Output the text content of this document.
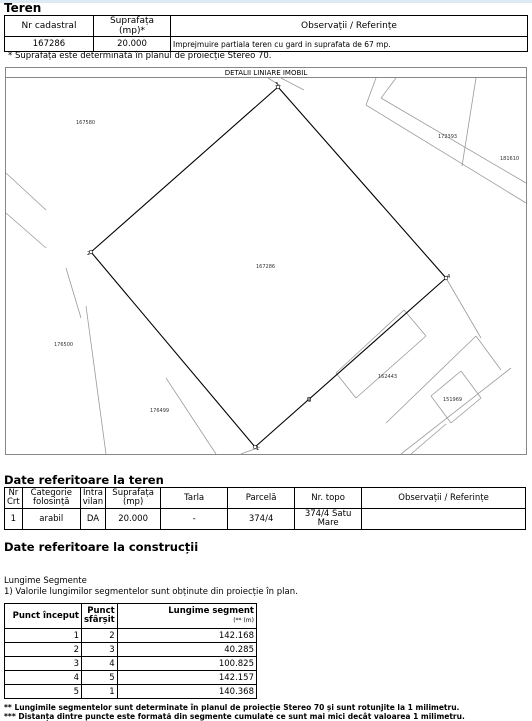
Teren
Nr cadastral	Suprafața (mp)*	Observații / Referințe
167286	20.000	Imprejmuire partiala teren cu gard in suprafata de 67 mp.
* Suprafața este determinată în planul de proiecție Stereo 70.
DETALII LINIARE IMOBIL
167580
172393
181610
167286
176500
162443
151969
176499
1
2
3
4
5
Date referitoare la teren
Nr Crt	Categorie folosință	Intra vilan	Suprafața (mp)	Tarla	Parcelă	Nr. topo	Observații / Referințe
1	arabil	DA	20.000	-	374/4	374/4 Satu Mare	
Date referitoare la construcții
Lungime Segmente
1) Valorile lungimilor segmentelor sunt obținute din proiecție în plan.
Punct început	Punct sfârșit	Lungime segment
(** (m)
1	2	142.168
2	3	40.285
3	4	100.825
4	5	142.157
5	1	140.368
** Lungimile segmentelor sunt determinate în planul de proiecție Stereo 70 și sunt rotunjite la 1 milimetru.
*** Distanța dintre puncte este formată din segmente cumulate ce sunt mai mici decât valoarea 1 milimetru.
